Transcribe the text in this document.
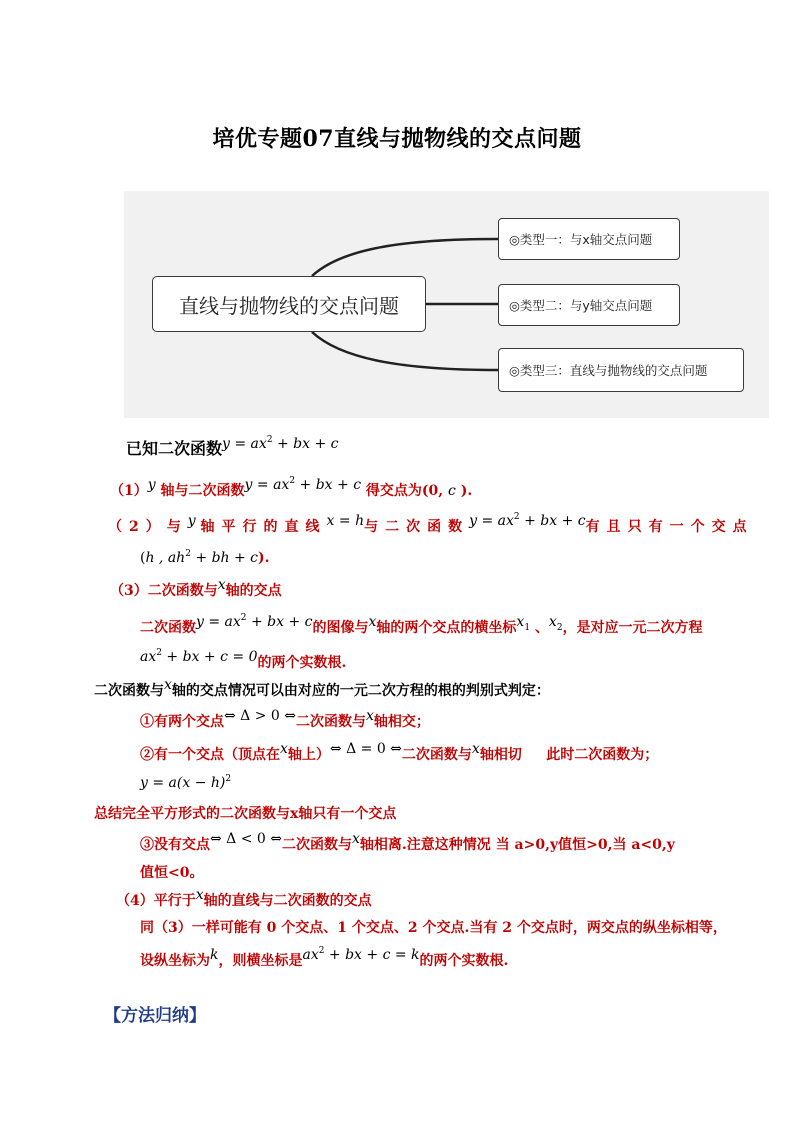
培优专题07直线与抛物线的交点问题
直线与抛物线的交点问题
◎类型一：与x轴交点问题
◎类型二：与y轴交点问题
◎类型三：直线与抛物线的交点问题
已知二次函数$y = ax^2$ + bx + c
（1）y 轴与二次函数$y = ax^2$ + bx + c 得交点为(0, c ).
（2）与y 轴平行的直线x = h与二次函数$y = ax^2$ + bx + c有且只有一个交点
(h , $ah^2$ + bh + c).
（3）二次函数与x轴的交点
二次函数$y = ax^2$ + bx + c的图像与x轴的两个交点的横坐标$x_1$ 、$x_2$，是对应一元二次方程
$ax^2$ + bx + c = 0的两个实数根.
二次函数与x轴的交点情况可以由对应的一元二次方程的根的判别式判定：
①有两个交点⇔ Δ > 0 ⇔二次函数与x轴相交；
②有一个交点（顶点在x轴上）⇔ Δ = 0 ⇔二次函数与x轴相切 此时二次函数为；
$y = a(x - h)^2$
总结完全平方形式的二次函数与x轴只有一个交点
③没有交点⇔ Δ < 0 ⇔二次函数与x轴相离.注意这种情况 当 a>0,y值恒>0,当 a<0,y
值恒<0。
（4）平行于x轴的直线与二次函数的交点
同（3）一样可能有 0 个交点、1 个交点、2 个交点.当有 2 个交点时，两交点的纵坐标相等，
设纵坐标为k，则横坐标是$ax^2$ + bx + c = k的两个实数根.
【方法归纳】
